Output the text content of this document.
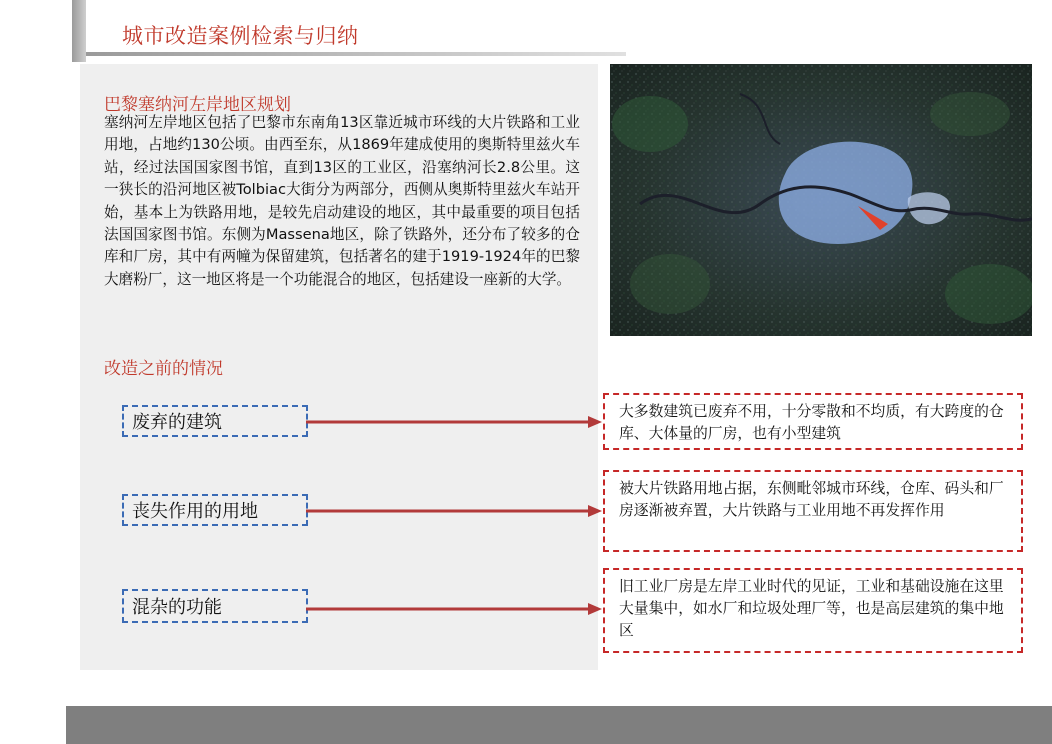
城市改造案例检索与归纳
巴黎塞纳河左岸地区规划
塞纳河左岸地区包括了巴黎市东南角13区靠近城市环线的大片铁路和工业用地，占地约130公顷。由西至东，从1869年建成使用的奥斯特里兹火车站，经过法国国家图书馆，直到13区的工业区，沿塞纳河长2.8公里。这一狭长的沿河地区被Tolbiac大街分为两部分，西侧从奥斯特里兹火车站开始，基本上为铁路用地，是较先启动建设的地区，其中最重要的项目包括法国国家图书馆。东侧为Massena地区，除了铁路外，还分布了较多的仓库和厂房，其中有两幢为保留建筑，包括著名的建于1919-1924年的巴黎大磨粉厂，这一地区将是一个功能混合的地区，包括建设一座新的大学。
改造之前的情况
废弃的建筑
大多数建筑已废弃不用，十分零散和不均质，有大跨度的仓库、大体量的厂房，也有小型建筑
丧失作用的用地
被大片铁路用地占据，东侧毗邻城市环线，仓库、码头和厂房逐渐被弃置，大片铁路与工业用地不再发挥作用
混杂的功能
旧工业厂房是左岸工业时代的见证，工业和基础设施在这里大量集中，如水厂和垃圾处理厂等，也是高层建筑的集中地区
